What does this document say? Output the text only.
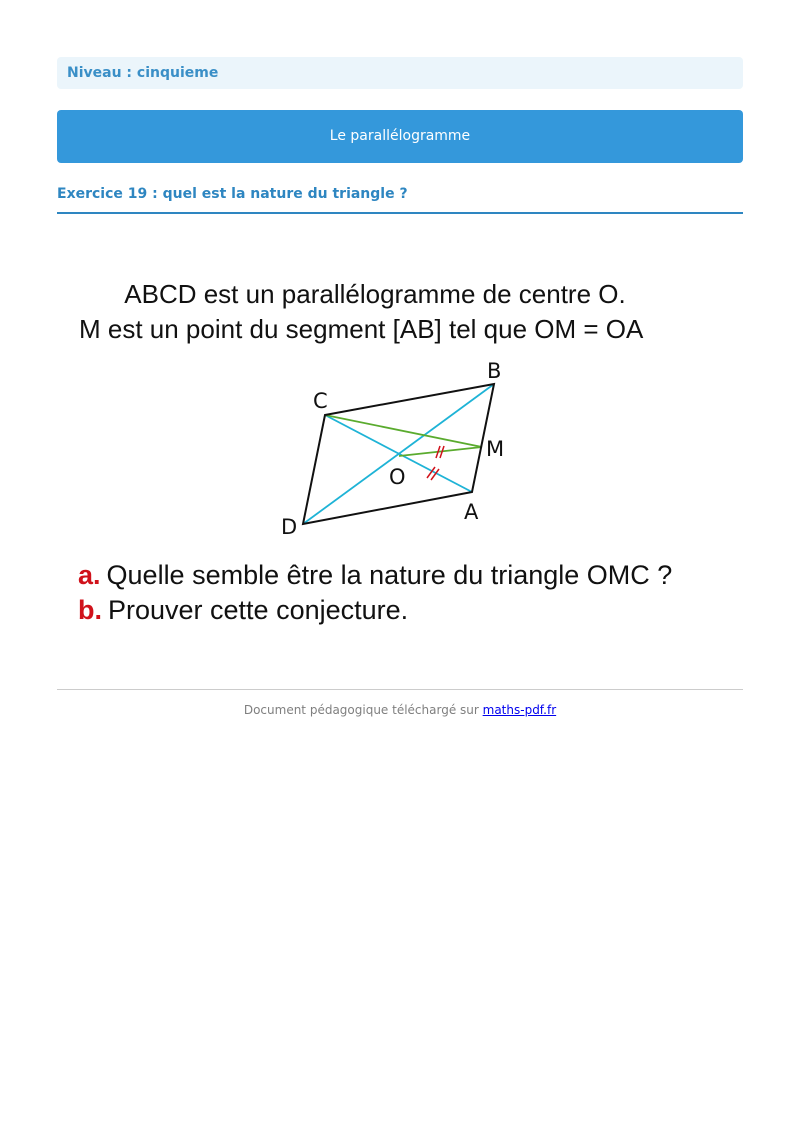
Niveau : cinquieme
Le parallélogramme
Exercice 19 : quel est la nature du triangle ?
ABCD est un parallélogramme de centre O.
M est un point du segment [AB] tel que OM = OA
B
C
M
O
A
D
a. Quelle semble être la nature du triangle OMC ?
b. Prouver cette conjecture.
Document pédagogique téléchargé sur maths-pdf.fr
